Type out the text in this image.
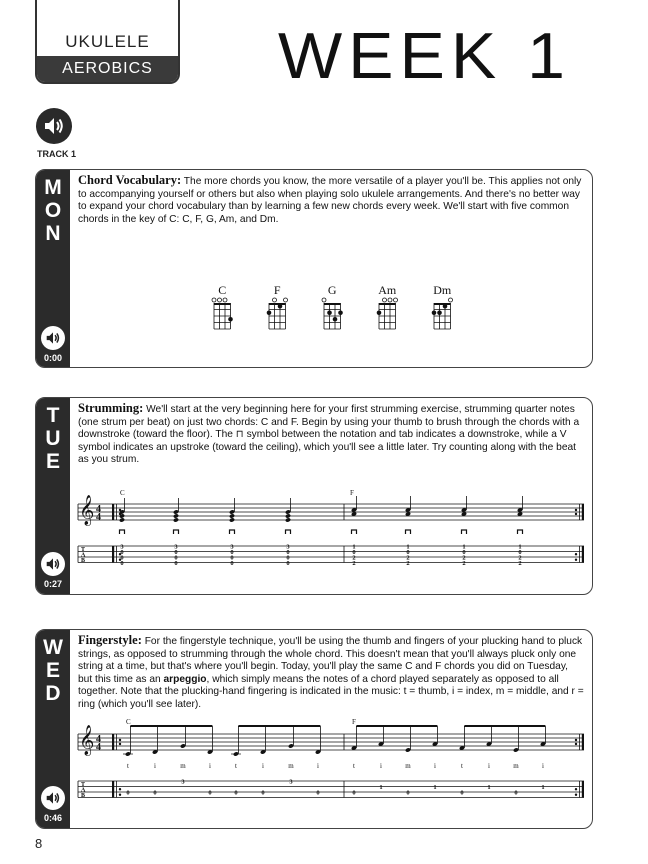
UKULELE
AEROBICS	WEEK 1
TRACK 1
M
O
N
0:00
Chord Vocabulary: The more chords you know, the more versatile of a player you'll be. This applies not only to accompanying yourself or others but also when playing solo ukulele arrangements. And there's no better way to expand your chord vocabulary than by learning a few new chords every week. We'll start with five common chords in the key of C: C, F, G, Am, and Dm.
C	F	G	Am	Dm
T
U
E
0:27
Strumming: We'll start at the very beginning here for your first strumming exercise, strumming quarter notes (one strum per beat) on just two chords: C and F. Begin by using your thumb to brush through the chords with a downstroke (toward the floor). The ⊓ symbol between the notation and tab indicates a downstroke, while a V symbol indicates an upstroke (toward the ceiling), which you'll see a little later. Try counting along with the beat as you strum.
𝄞 4
4
T
A
B
C	F
3
0
0
0
3
0
0
0
3
0
0
0
3
0
0
0
1
0
2
2
1
0
2
2
1
0
2
2
1
0
2
2
W
E
D
0:46
Fingerstyle: For the fingerstyle technique, you'll be using the thumb and fingers of your plucking hand to pluck strings, as opposed to strumming through the whole chord. This doesn't mean that you'll always pluck only one string at a time, but that's where you'll begin. Today, you'll play the same C and F chords you did on Tuesday, but this time as an arpeggio, which simply means the notes of a chord played separately as opposed to all together. Note that the plucking-hand fingering is indicated in the music: t = thumb, i = index, m = middle, and r = ring (which you'll see later).
𝄞 4
4
T
A
B
C	F
t
0
i
0
m
3
i
0
t
0
i
0
m
3
i
0
t
0
i
1
m
0
i
1
t
0
i
1
m
0
i
1
8
